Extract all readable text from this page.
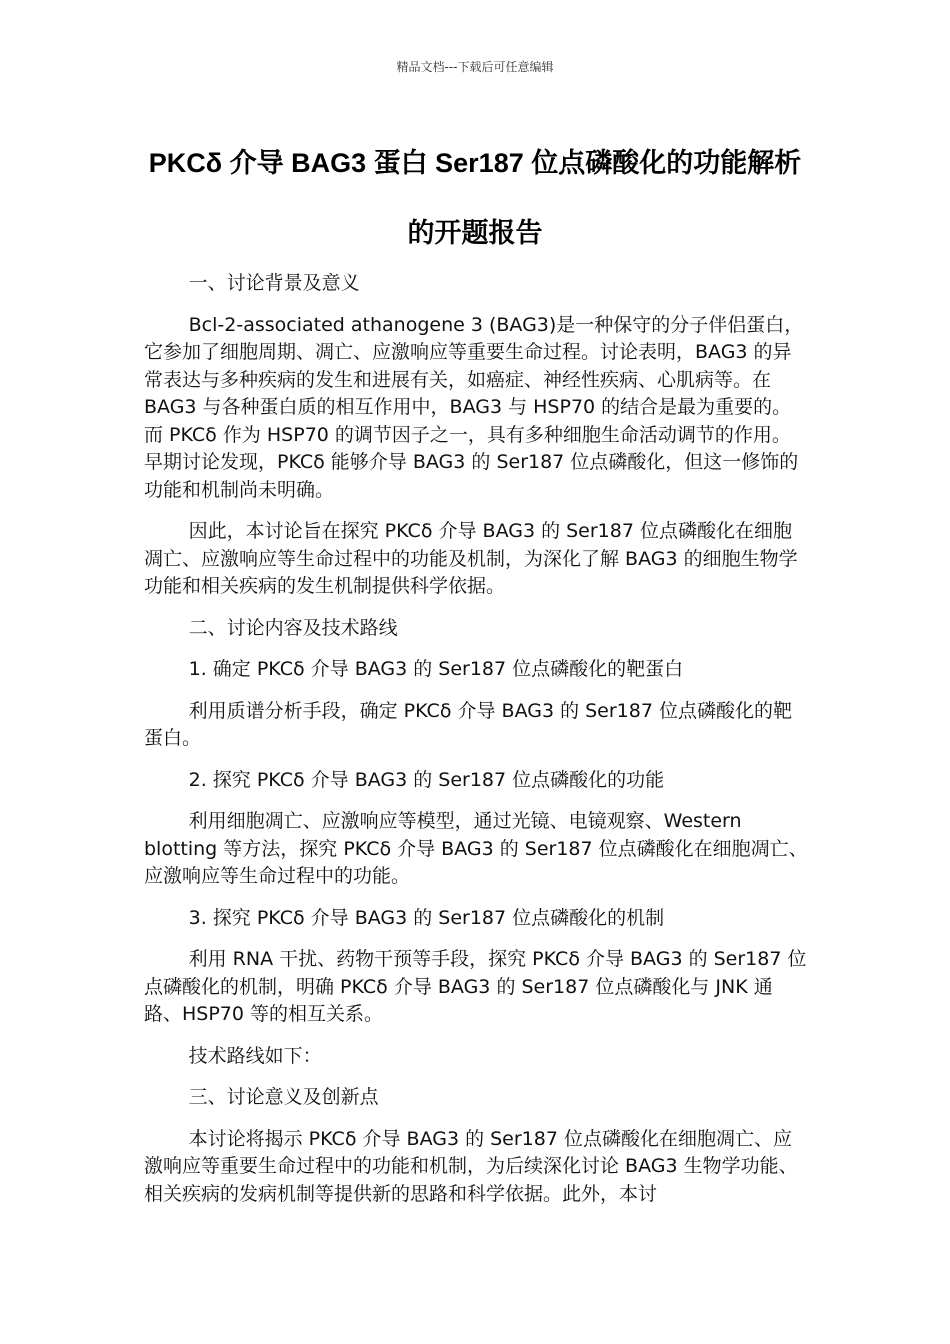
精品文档---下载后可任意编辑
PKCδ 介导 BAG3 蛋白 Ser187 位点磷酸化的功能解析的开题报告

一、讨论背景及意义

Bcl-2-associated athanogene 3 (BAG3)是一种保守的分子伴侣蛋白，它参加了细胞周期、凋亡、应激响应等重要生命过程。讨论表明，BAG3 的异常表达与多种疾病的发生和进展有关，如癌症、神经性疾病、心肌病等。在 BAG3 与各种蛋白质的相互作用中，BAG3 与 HSP70 的结合是最为重要的。而 PKCδ 作为 HSP70 的调节因子之一，具有多种细胞生命活动调节的作用。早期讨论发现，PKCδ 能够介导 BAG3 的 Ser187 位点磷酸化，但这一修饰的功能和机制尚未明确。

因此，本讨论旨在探究 PKCδ 介导 BAG3 的 Ser187 位点磷酸化在细胞凋亡、应激响应等生命过程中的功能及机制，为深化了解 BAG3 的细胞生物学功能和相关疾病的发生机制提供科学依据。

二、讨论内容及技术路线

1. 确定 PKCδ 介导 BAG3 的 Ser187 位点磷酸化的靶蛋白

利用质谱分析手段，确定 PKCδ 介导 BAG3 的 Ser187 位点磷酸化的靶蛋白。

2. 探究 PKCδ 介导 BAG3 的 Ser187 位点磷酸化的功能

利用细胞凋亡、应激响应等模型，通过光镜、电镜观察、Western blotting 等方法，探究 PKCδ 介导 BAG3 的 Ser187 位点磷酸化在细胞凋亡、应激响应等生命过程中的功能。

3. 探究 PKCδ 介导 BAG3 的 Ser187 位点磷酸化的机制

利用 RNA 干扰、药物干预等手段，探究 PKCδ 介导 BAG3 的 Ser187 位点磷酸化的机制，明确 PKCδ 介导 BAG3 的 Ser187 位点磷酸化与 JNK 通路、HSP70 等的相互关系。

技术路线如下：

三、讨论意义及创新点

本讨论将揭示 PKCδ 介导 BAG3 的 Ser187 位点磷酸化在细胞凋亡、应激响应等重要生命过程中的功能和机制，为后续深化讨论 BAG3 生物学功能、相关疾病的发病机制等提供新的思路和科学依据。此外，本讨
